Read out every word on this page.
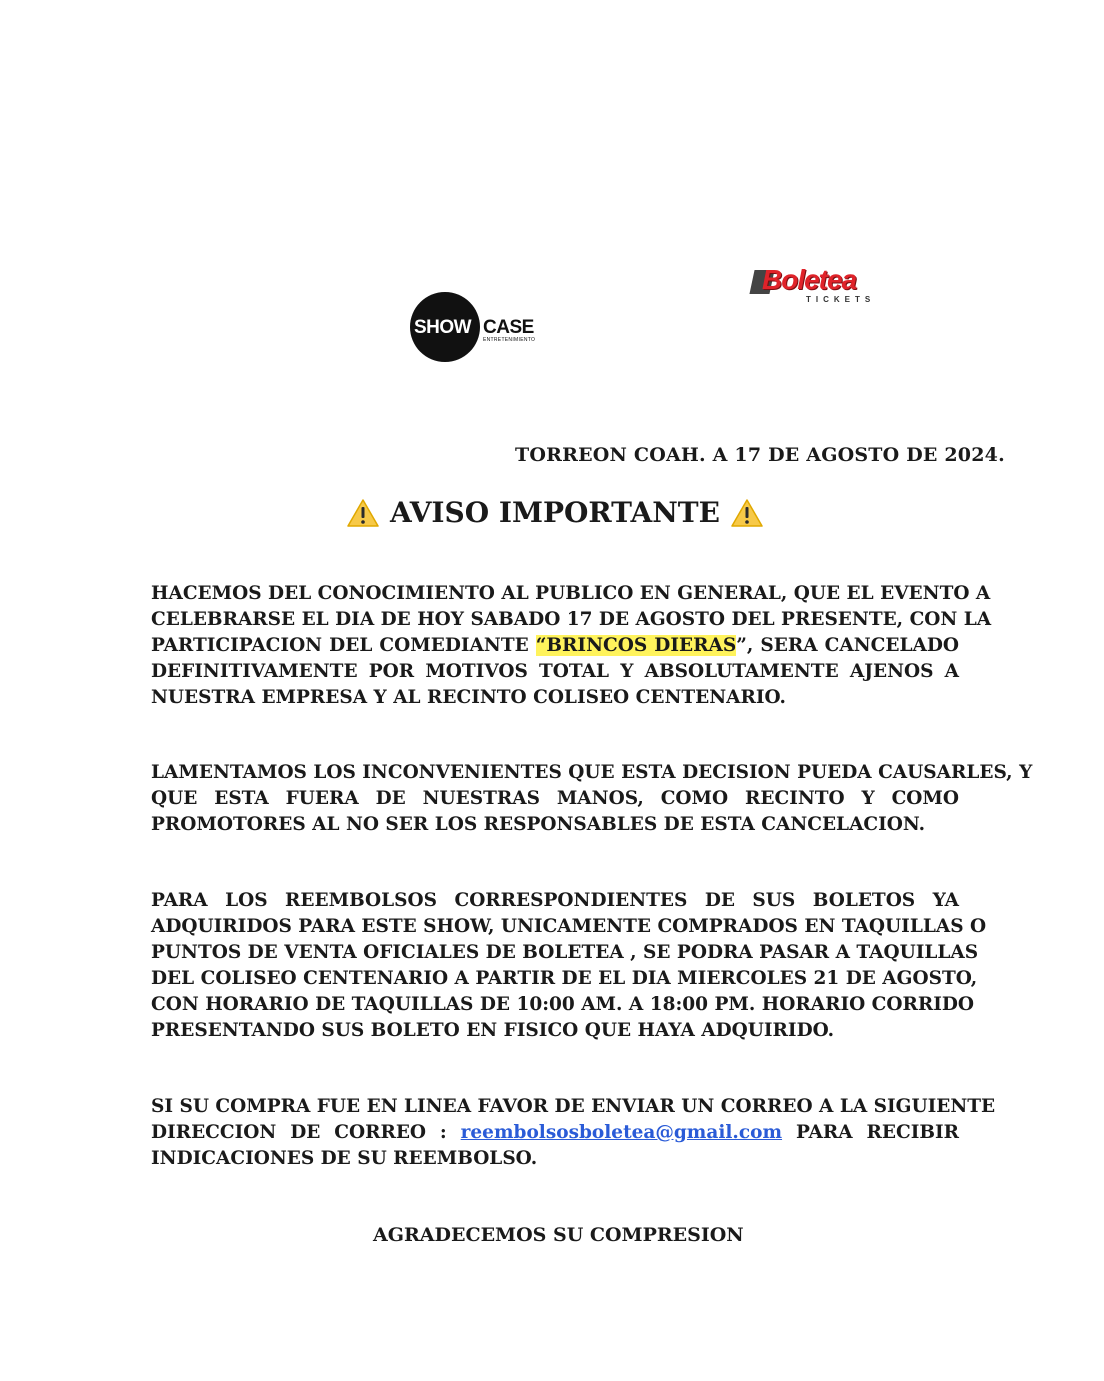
SHOW CASE
ENTRETENIMIENTO
Boletea
TICKETS
TORREON COAH. A 17 DE AGOSTO DE 2024.
AVISO IMPORTANTE
HACEMOS DEL CONOCIMIENTO AL PUBLICO EN GENERAL, QUE EL EVENTO A
CELEBRARSE EL DIA DE HOY SABADO 17 DE AGOSTO DEL PRESENTE, CON LA
PARTICIPACION DEL COMEDIANTE “BRINCOS DIERAS”, SERA CANCELADO
DEFINITIVAMENTE POR MOTIVOS TOTAL Y ABSOLUTAMENTE AJENOS A
NUESTRA EMPRESA Y AL RECINTO COLISEO CENTENARIO.
LAMENTAMOS LOS INCONVENIENTES QUE ESTA DECISION PUEDA CAUSARLES, Y
QUE ESTA FUERA DE NUESTRAS MANOS, COMO RECINTO Y COMO
PROMOTORES AL NO SER LOS RESPONSABLES DE ESTA CANCELACION.
PARA LOS REEMBOLSOS CORRESPONDIENTES DE SUS BOLETOS YA
ADQUIRIDOS PARA ESTE SHOW, UNICAMENTE COMPRADOS EN TAQUILLAS O
PUNTOS DE VENTA OFICIALES DE BOLETEA , SE PODRA PASAR A TAQUILLAS
DEL COLISEO CENTENARIO A PARTIR DE EL DIA MIERCOLES 21 DE AGOSTO,
CON HORARIO DE TAQUILLAS DE 10:00 AM. A 18:00 PM. HORARIO CORRIDO
PRESENTANDO SUS BOLETO EN FISICO QUE HAYA ADQUIRIDO.
SI SU COMPRA FUE EN LINEA FAVOR DE ENVIAR UN CORREO A LA SIGUIENTE
DIRECCION DE CORREO : reembolsosboletea@gmail.com PARA RECIBIR
INDICACIONES DE SU REEMBOLSO.
AGRADECEMOS SU COMPRESION
